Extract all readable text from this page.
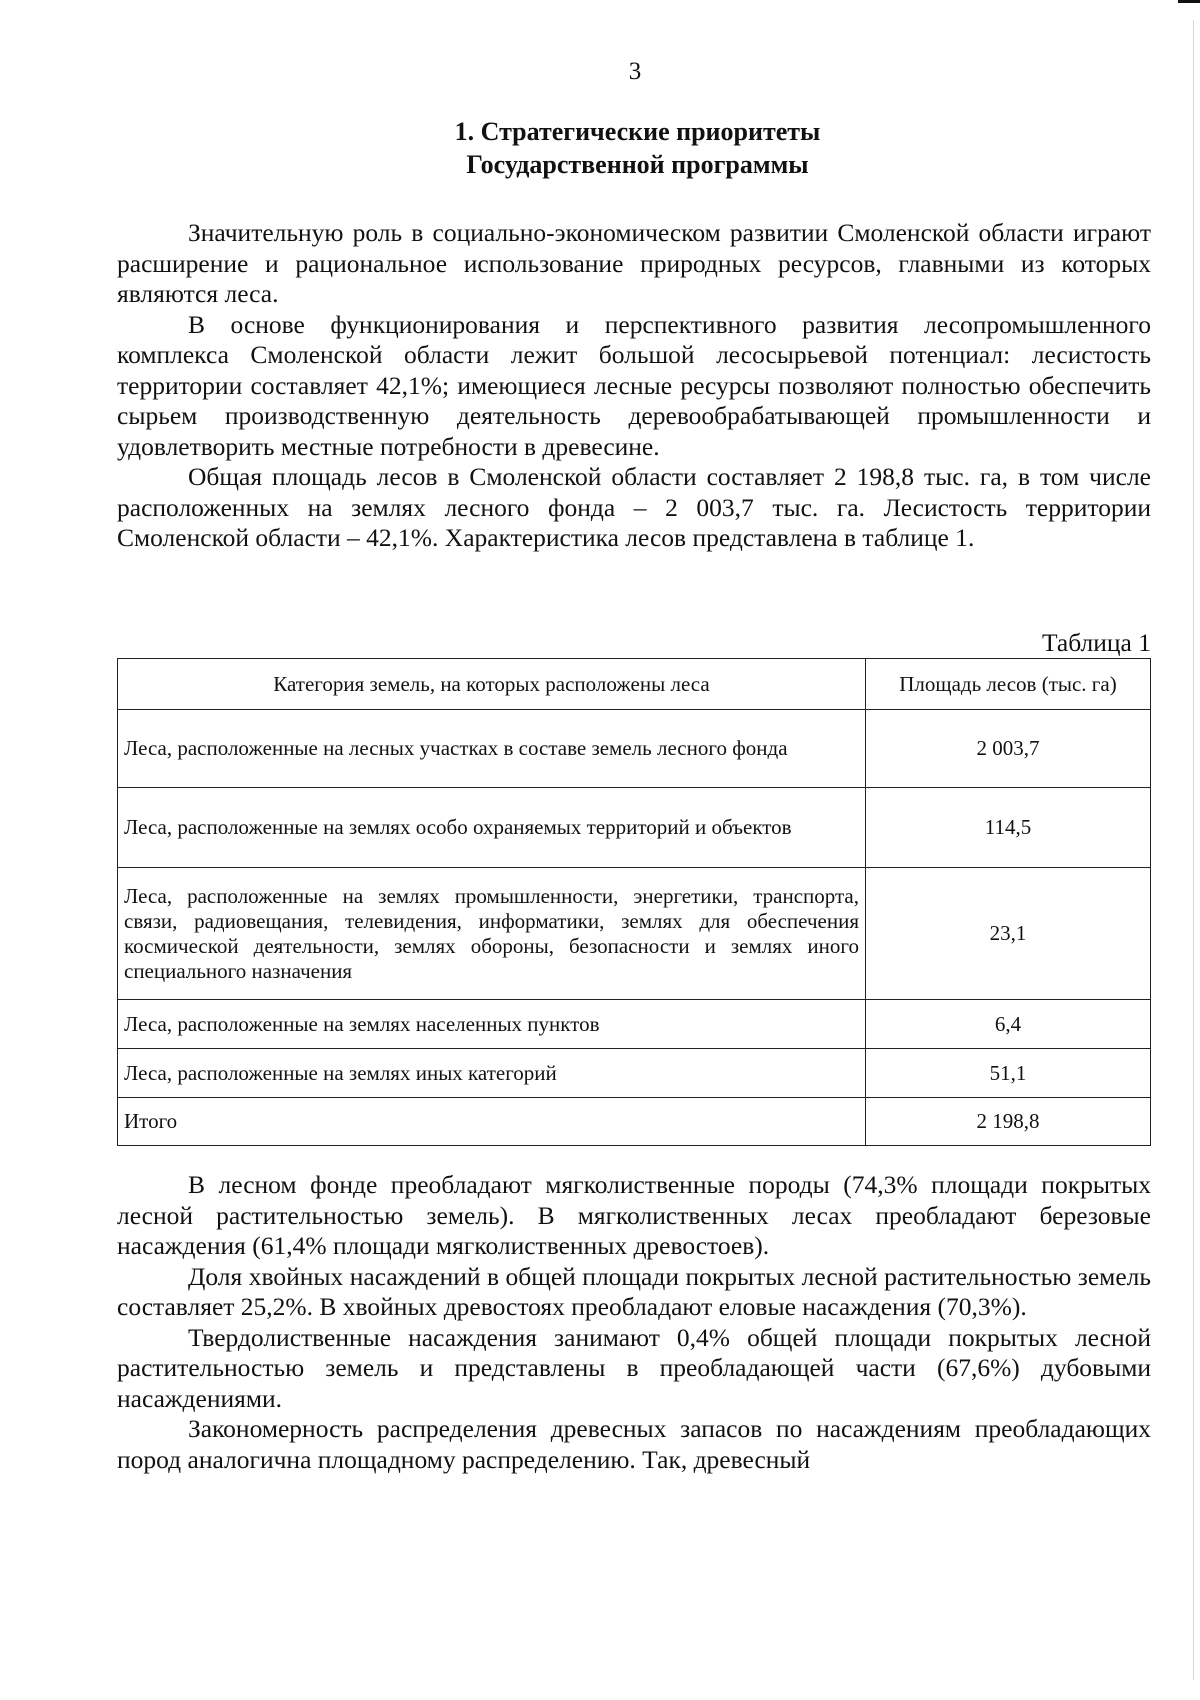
3
1. Стратегические приоритеты
Государственной программы

Значительную роль в социально-экономическом развитии Смоленской области играют расширение и рациональное использование природных ресурсов, главными из которых являются леса.

В основе функционирования и перспективного развития лесопромышленного комплекса Смоленской области лежит большой лесосырьевой потенциал: лесистость территории составляет 42,1%; имеющиеся лесные ресурсы позволяют полностью обеспечить сырьем производственную деятельность деревообрабатывающей промышленности и удовлетворить местные потребности в древесине.

Общая площадь лесов в Смоленской области составляет 2 198,8 тыс. га, в том числе расположенных на землях лесного фонда – 2 003,7 тыс. га. Лесистость территории Смоленской области – 42,1%. Характеристика лесов представлена в таблице 1.

Таблица 1
Категория земель, на которых расположены леса	Площадь лесов (тыс. га)
Леса, расположенные на лесных участках в составе земель лесного фонда	2 003,7
Леса, расположенные на землях особо охраняемых территорий и объектов	114,5
Леса, расположенные на землях промышленности, энергетики, транспорта, связи, радиовещания, телевидения, информатики, землях для обеспечения космической деятельности, землях обороны, безопасности и землях иного специального назначения	23,1
Леса, расположенные на землях населенных пунктов	6,4
Леса, расположенные на землях иных категорий	51,1
Итого	2 198,8

В лесном фонде преобладают мягколиственные породы (74,3% площади покрытых лесной растительностью земель). В мягколиственных лесах преобладают березовые насаждения (61,4% площади мягколиственных древостоев).

Доля хвойных насаждений в общей площади покрытых лесной растительностью земель составляет 25,2%. В хвойных древостоях преобладают еловые насаждения (70,3%).

Твердолиственные насаждения занимают 0,4% общей площади покрытых лесной растительностью земель и представлены в преобладающей части (67,6%) дубовыми насаждениями.

Закономерность распределения древесных запасов по насаждениям преобладающих пород аналогична площадному распределению. Так, древесный
